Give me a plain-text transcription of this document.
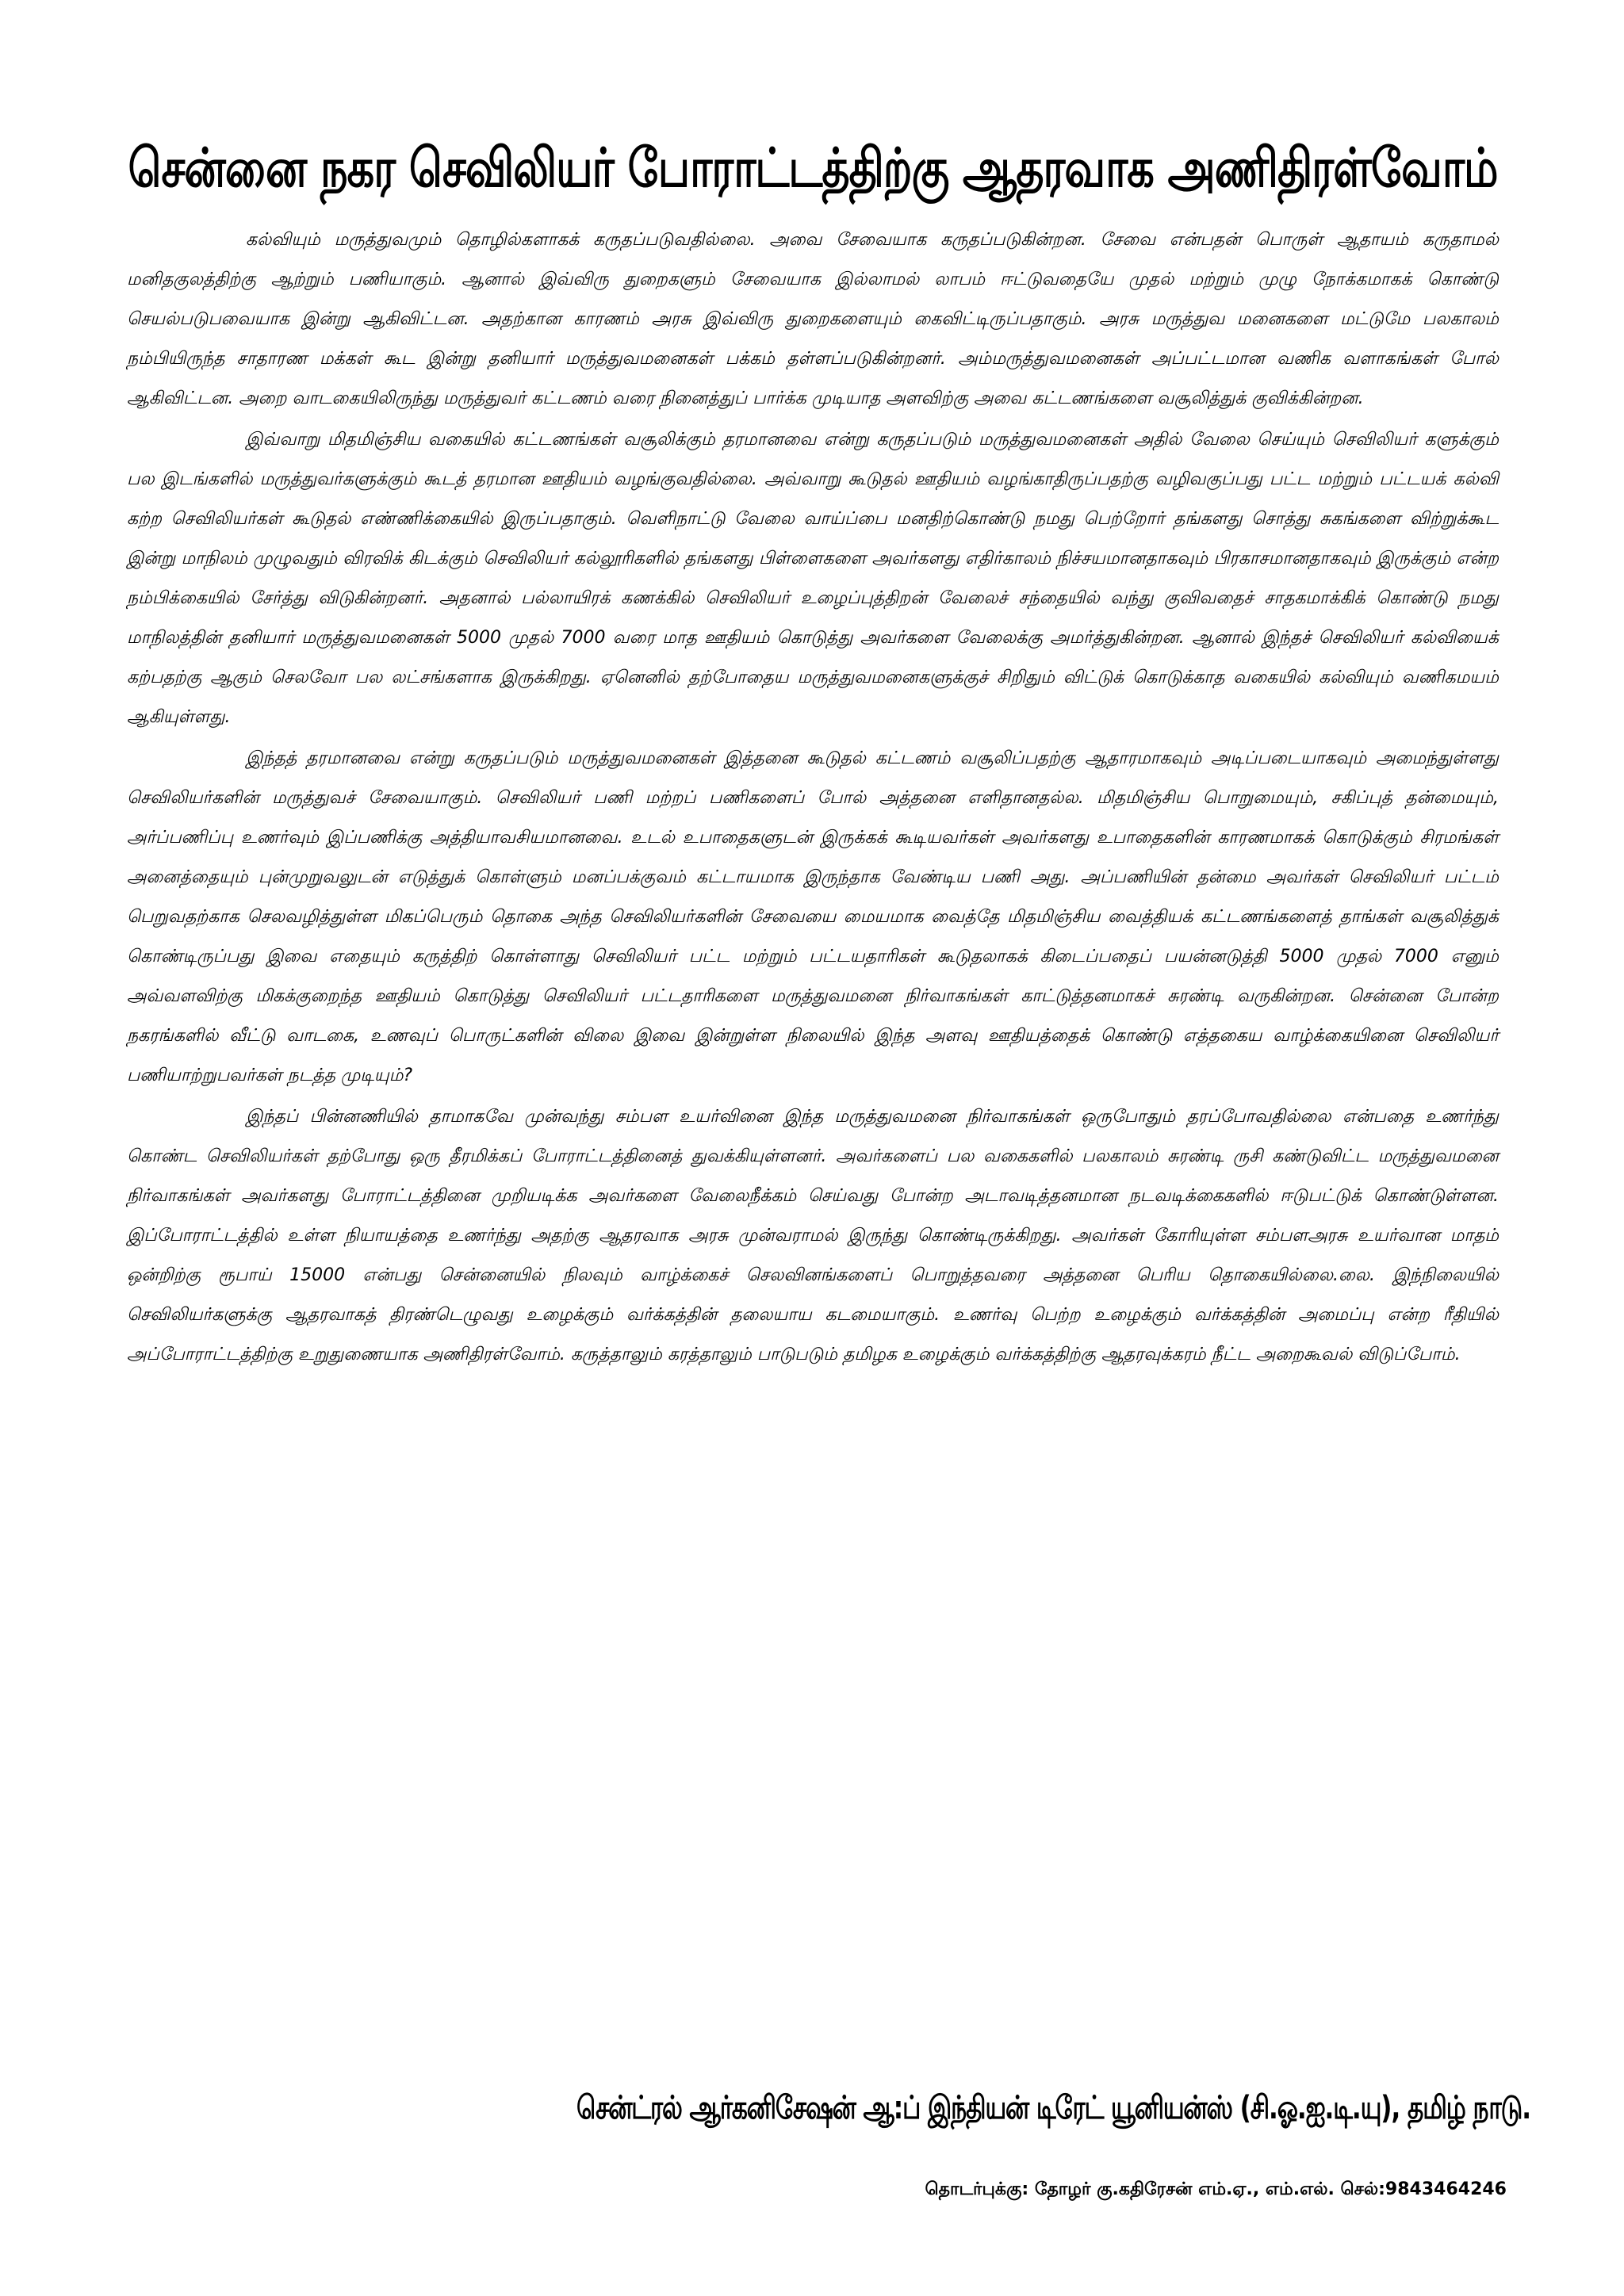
சென்னை நகர செவிலியர் போராட்டத்திற்கு ஆதரவாக அணிதிரள்வோம்

கல்வியும் மருத்துவமும் தொழில்களாகக் கருதப்படுவதில்லை. அவை சேவையாக கருதப்படுகின்றன. சேவை என்பதன் பொருள் ஆதாயம் கருதாமல் மனிதகுலத்திற்கு ஆற்றும் பணியாகும். ஆனால் இவ்விரு துறைகளும் சேவையாக இல்லாமல் லாபம் ஈட்டுவதையே முதல் மற்றும் முழு நோக்கமாகக் கொண்டு செயல்படுபவையாக இன்று ஆகிவிட்டன. அதற்கான காரணம் அரசு இவ்விரு துறைகளையும் கைவிட்டிருப்பதாகும். அரசு மருத்துவ மனைகளை மட்டுமே பலகாலம் நம்பியிருந்த சாதாரண மக்கள் கூட இன்று தனியார் மருத்துவமனைகள் பக்கம் தள்ளப்படுகின்றனர். அம்மருத்துவமனைகள் அப்பட்டமான வணிக வளாகங்கள் போல் ஆகிவிட்டன. அறை வாடகையிலிருந்து மருத்துவர் கட்டணம் வரை நினைத்துப் பார்க்க முடியாத அளவிற்கு அவை கட்டணங்களை வசூலித்துக் குவிக்கின்றன.

இவ்வாறு மிதமிஞ்சிய வகையில் கட்டணங்கள் வசூலிக்கும் தரமானவை என்று கருதப்படும் மருத்துவமனைகள் அதில் வேலை செய்யும் செவிலியர் களுக்கும் பல இடங்களில் மருத்துவர்களுக்கும் கூடத் தரமான ஊதியம் வழங்குவதில்லை. அவ்வாறு கூடுதல் ஊதியம் வழங்காதிருப்பதற்கு வழிவகுப்பது பட்ட மற்றும் பட்டயக் கல்வி கற்ற செவிலியர்கள் கூடுதல் எண்ணிக்கையில் இருப்பதாகும். வெளிநாட்டு வேலை வாய்ப்பை மனதிற்கொண்டு நமது பெற்றோர் தங்களது சொத்து சுகங்களை விற்றுக்கூட இன்று மாநிலம் முழுவதும் விரவிக் கிடக்கும் செவிலியர் கல்லூரிகளில் தங்களது பிள்ளைகளை அவர்களது எதிர்காலம் நிச்சயமானதாகவும் பிரகாசமானதாகவும் இருக்கும் என்ற நம்பிக்கையில் சேர்த்து விடுகின்றனர். அதனால் பல்லாயிரக் கணக்கில் செவிலியர் உழைப்புத்திறன் வேலைச் சந்தையில் வந்து குவிவதைச் சாதகமாக்கிக் கொண்டு நமது மாநிலத்தின் தனியார் மருத்துவமனைகள் 5000 முதல் 7000 வரை மாத ஊதியம் கொடுத்து அவர்களை வேலைக்கு அமர்த்துகின்றன. ஆனால் இந்தச் செவிலியர் கல்வியைக் கற்பதற்கு ஆகும் செலவோ பல லட்சங்களாக இருக்கிறது. ஏனெனில் தற்போதைய மருத்துவமனைகளுக்குச் சிறிதும் விட்டுக் கொடுக்காத வகையில் கல்வியும் வணிகமயம் ஆகியுள்ளது.

இந்தத் தரமானவை என்று கருதப்படும் மருத்துவமனைகள் இத்தனை கூடுதல் கட்டணம் வசூலிப்பதற்கு ஆதாரமாகவும் அடிப்படையாகவும் அமைந்துள்ளது செவிலியர்களின் மருத்துவச் சேவையாகும். செவிலியர் பணி மற்றப் பணிகளைப் போல் அத்தனை எளிதானதல்ல. மிதமிஞ்சிய பொறுமையும், சகிப்புத் தன்மையும், அர்ப்பணிப்பு உணர்வும் இப்பணிக்கு அத்தியாவசியமானவை. உடல் உபாதைகளுடன் இருக்கக் கூடியவர்கள் அவர்களது உபாதைகளின் காரணமாகக் கொடுக்கும் சிரமங்கள் அனைத்தையும் புன்முறுவலுடன் எடுத்துக் கொள்ளும் மனப்பக்குவம் கட்டாயமாக இருந்தாக வேண்டிய பணி அது. அப்பணியின் தன்மை அவர்கள் செவிலியர் பட்டம் பெறுவதற்காக செலவழித்துள்ள மிகப்பெரும் தொகை அந்த செவிலியர்களின் சேவையை மையமாக வைத்தே மிதமிஞ்சிய வைத்தியக் கட்டணங்களைத் தாங்கள் வசூலித்துக் கொண்டிருப்பது இவை எதையும் கருத்திற் கொள்ளாது செவிலியர் பட்ட மற்றும் பட்டயதாரிகள் கூடுதலாகக் கிடைப்பதைப் பயன்னடுத்தி 5000 முதல் 7000 எனும் அவ்வளவிற்கு மிகக்குறைந்த ஊதியம் கொடுத்து செவிலியர் பட்டதாரிகளை மருத்துவமனை நிர்வாகங்கள் காட்டுத்தனமாகச் சுரண்டி வருகின்றன. சென்னை போன்ற நகரங்களில் வீட்டு வாடகை, உணவுப் பொருட்களின் விலை இவை இன்றுள்ள நிலையில் இந்த அளவு ஊதியத்தைக் கொண்டு எத்தகைய வாழ்க்கையினை செவிலியர் பணியாற்றுபவர்கள் நடத்த முடியும்?

இந்தப் பின்னணியில் தாமாகவே முன்வந்து சம்பள உயர்வினை இந்த மருத்துவமனை நிர்வாகங்கள் ஒருபோதும் தரப்போவதில்லை என்பதை உணர்ந்து கொண்ட செவிலியர்கள் தற்போது ஒரு தீரமிக்கப் போராட்டத்தினைத் துவக்கியுள்ளனர். அவர்களைப் பல வகைகளில் பலகாலம் சுரண்டி ருசி கண்டுவிட்ட மருத்துவமனை நிர்வாகங்கள் அவர்களது போராட்டத்தினை முறியடிக்க அவர்களை வேலைநீக்கம் செய்வது போன்ற அடாவடித்தனமான நடவடிக்கைகளில் ஈடுபட்டுக் கொண்டுள்ளன. இப்போராட்டத்தில் உள்ள நியாயத்தை உணர்ந்து அதற்கு ஆதரவாக அரசு முன்வராமல் இருந்து கொண்டிருக்கிறது. அவர்கள் கோரியுள்ள சம்பளஅரசு உயர்வான மாதம் ஒன்றிற்கு ரூபாய் 15000 என்பது சென்னையில் நிலவும் வாழ்க்கைச் செலவினங்களைப் பொறுத்தவரை அத்தனை பெரிய தொகையில்லை.லை. இந்நிலையில் செவிலியர்களுக்கு ஆதரவாகத் திரண்டெழுவது உழைக்கும் வர்க்கத்தின் தலையாய கடமையாகும். உணர்வு பெற்ற உழைக்கும் வர்க்கத்தின் அமைப்பு என்ற ரீதியில் அப்போராட்டத்திற்கு உறுதுணையாக அணிதிரள்வோம். கருத்தாலும் கரத்தாலும் பாடுபடும் தமிழக உழைக்கும் வர்க்கத்திற்கு ஆதரவுக்கரம் நீட்ட அறைகூவல் விடுப்போம்.

சென்ட்ரல் ஆர்கனிசேஷன் ஆ:ப் இந்தியன் டிரேட் யூனியன்ஸ் (சி.ஓ.ஐ.டி.யு), தமிழ் நாடு.

தொடர்புக்கு: தோழர் கு.கதிரேசன் எம்.ஏ., எம்.எல். செல்:9843464246
